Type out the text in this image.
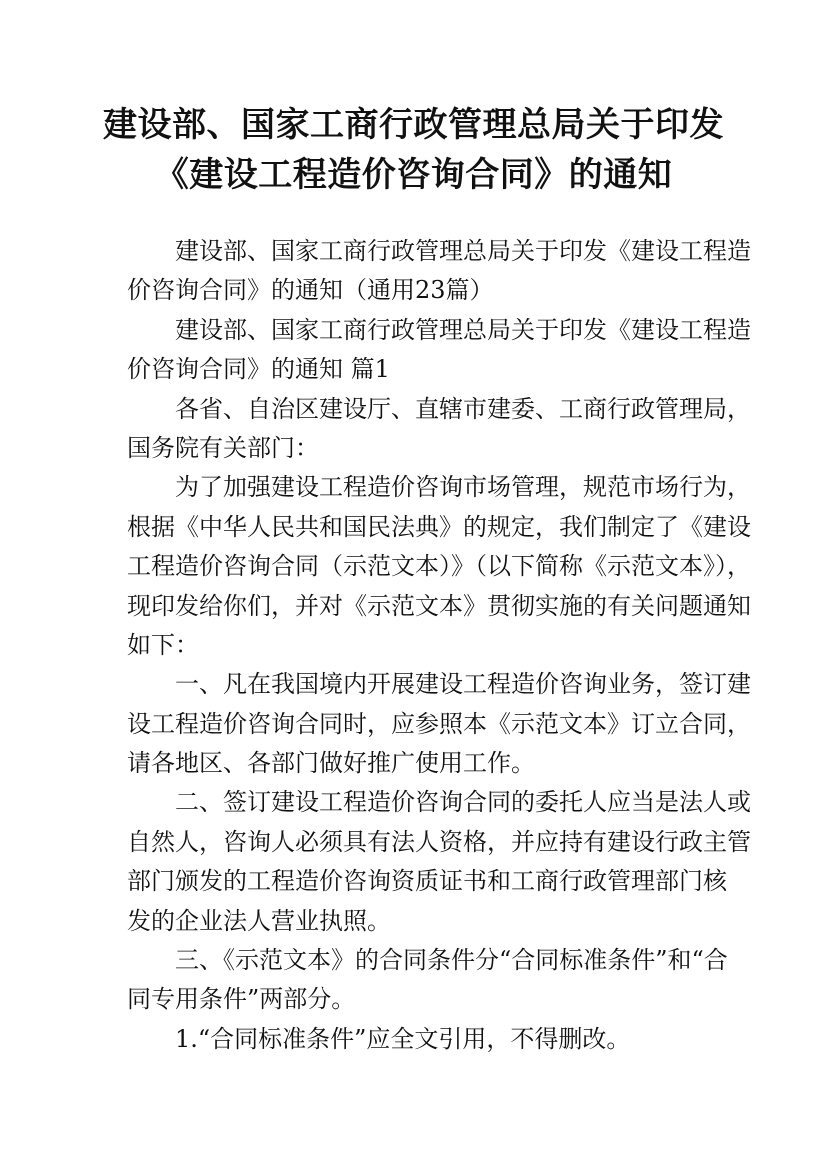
建设部、国家工商行政管理总局关于印发
《建设工程造价咨询合同》的通知
建设部、国家工商行政管理总局关于印发《建设工程造
价咨询合同》的通知（通用23篇）
建设部、国家工商行政管理总局关于印发《建设工程造
价咨询合同》的通知 篇1
各省、自治区建设厅、直辖市建委、工商行政管理局，
国务院有关部门：
为了加强建设工程造价咨询市场管理，规范市场行为，
根据《中华人民共和国民法典》的规定，我们制定了《建设
工程造价咨询合同（示范文本）》（以下简称《示范文本》），
现印发给你们，并对《示范文本》贯彻实施的有关问题通知
如下：
一、凡在我国境内开展建设工程造价咨询业务，签订建
设工程造价咨询合同时，应参照本《示范文本》订立合同，
请各地区、各部门做好推广使用工作。
二、签订建设工程造价咨询合同的委托人应当是法人或
自然人，咨询人必须具有法人资格，并应持有建设行政主管
部门颁发的工程造价咨询资质证书和工商行政管理部门核
发的企业法人营业执照。
三、《示范文本》的合同条件分“合同标准条件”和“合
同专用条件”两部分。
1.“合同标准条件”应全文引用，不得删改。
